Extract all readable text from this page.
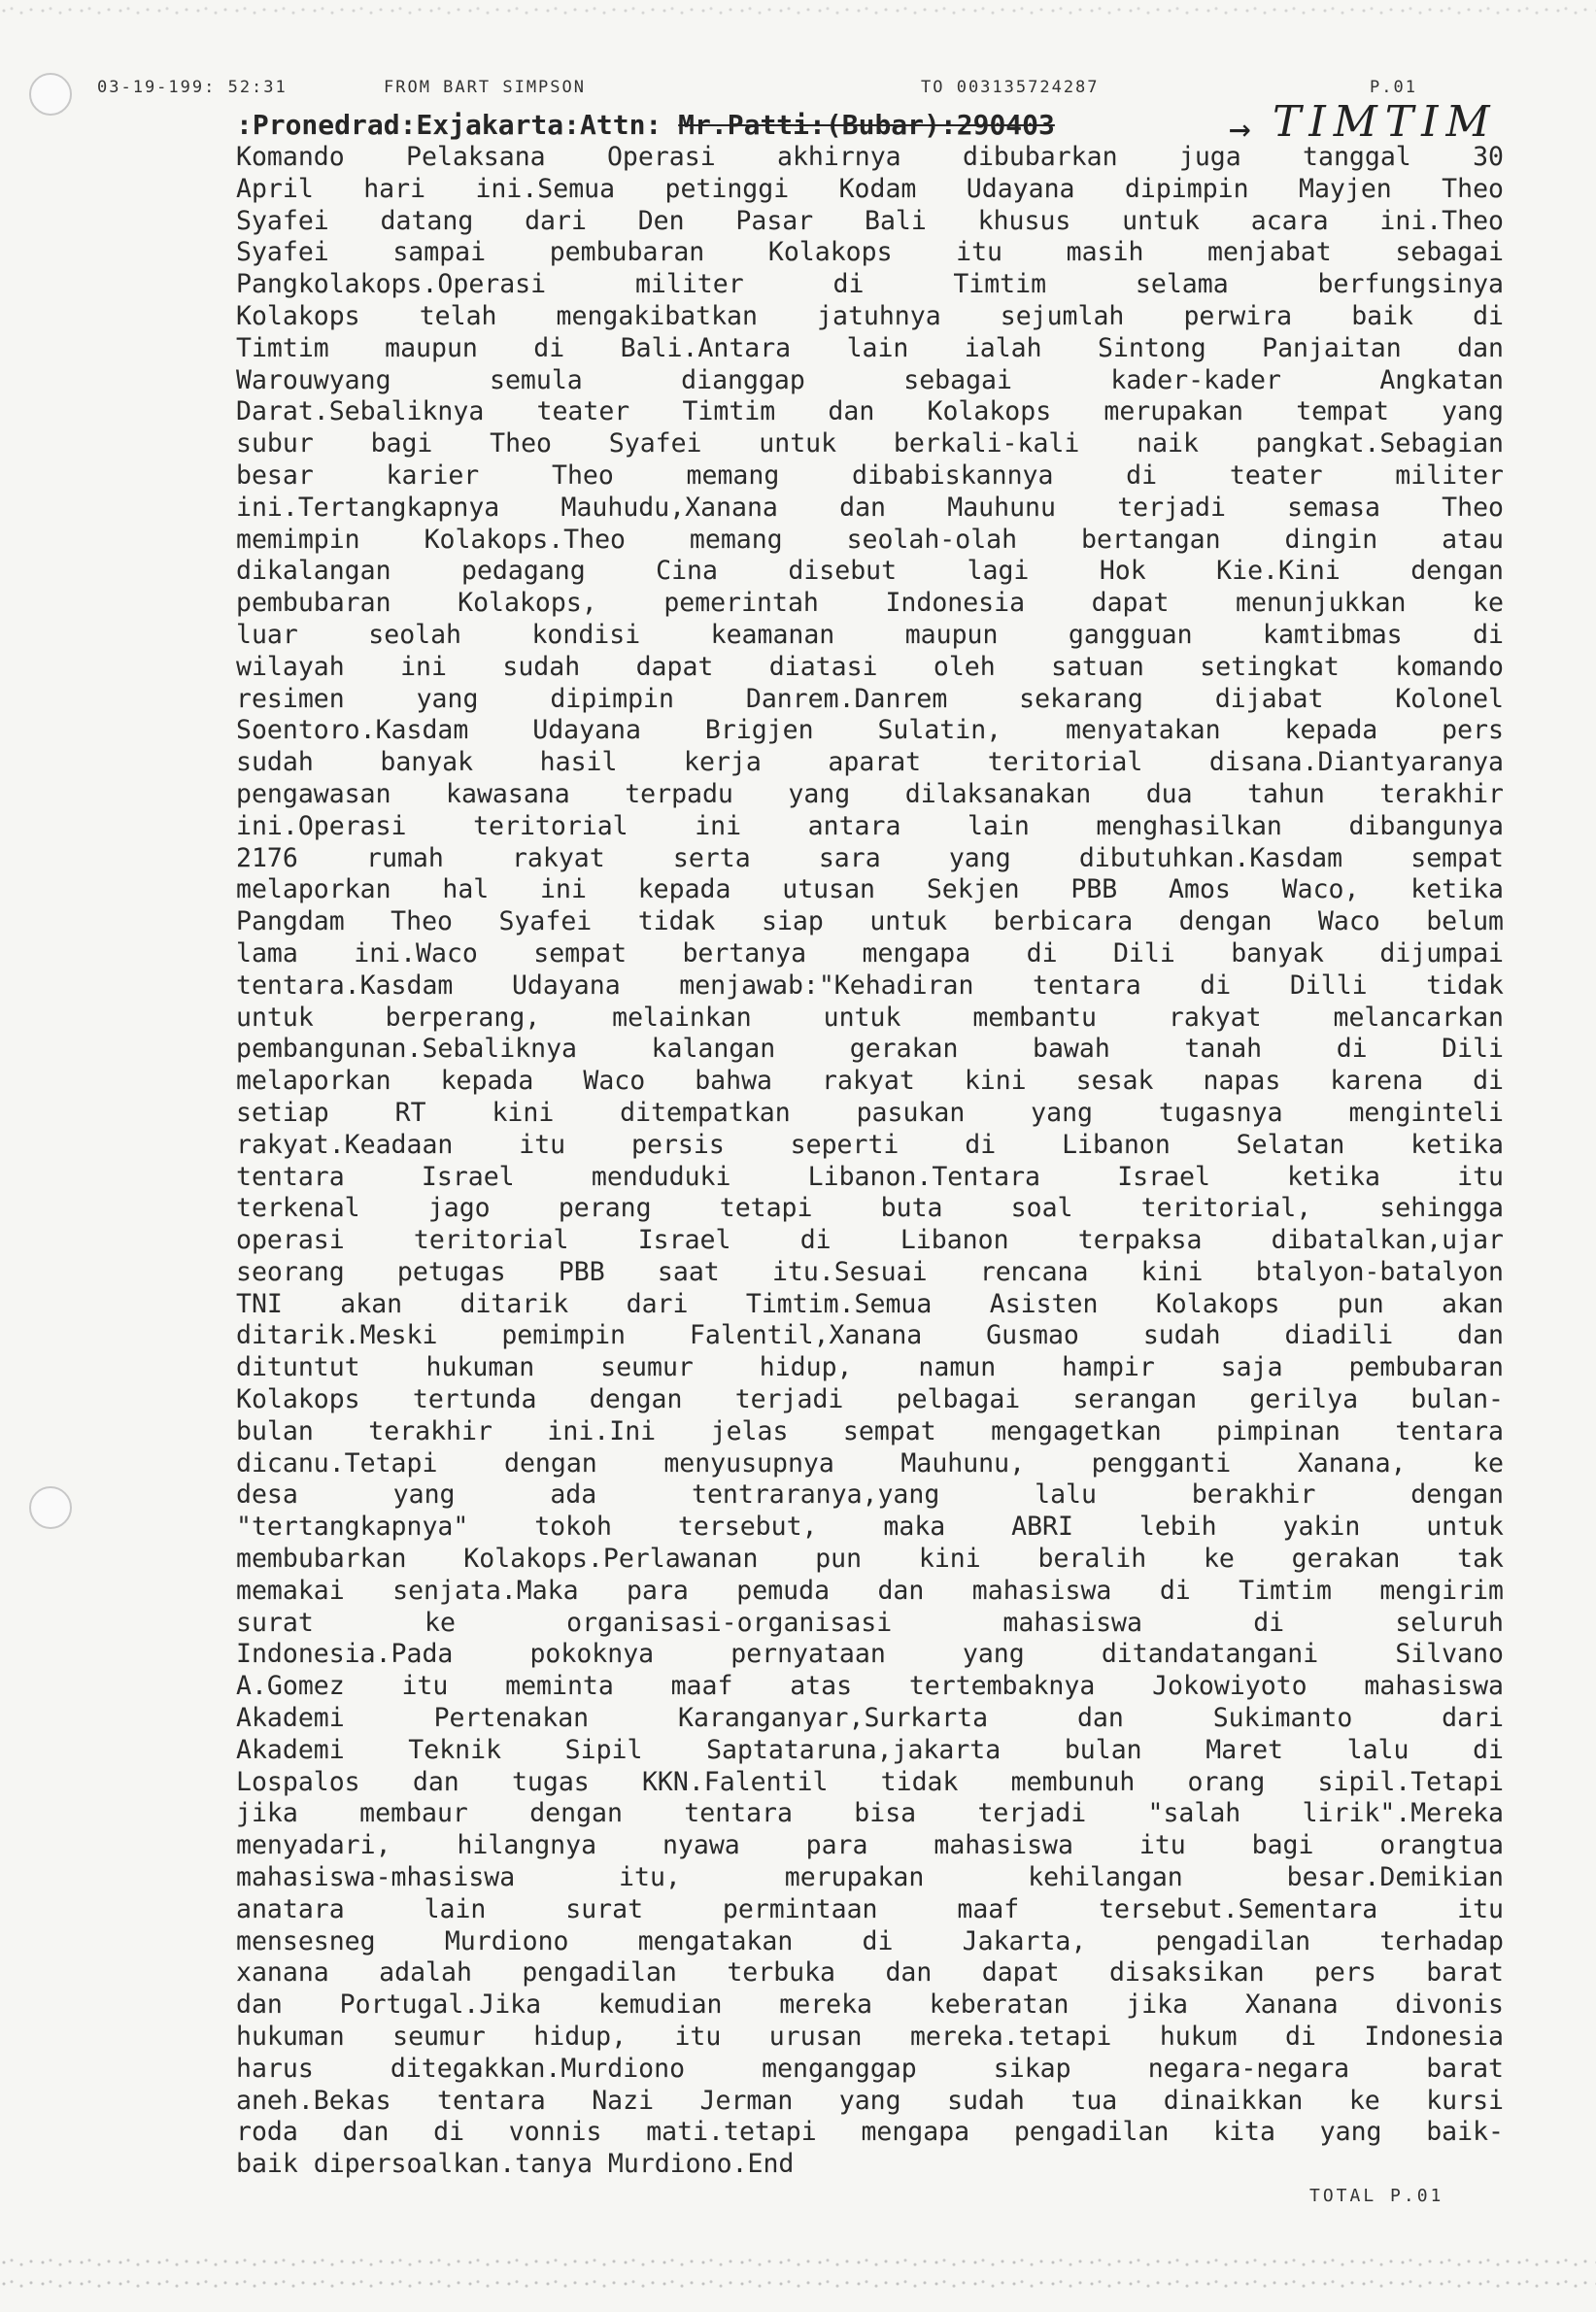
03-19-199: 52:31	FROM BART SIMPSON	TO 003135724287	P.01
:Pronedrad:Exjakarta:Attn: Mr.Patti:(Bubar):290403	→ TIMTIM
Komando Pelaksana Operasi akhirnya dibubarkan juga tanggal 30
April hari ini.Semua petinggi Kodam Udayana dipimpin Mayjen Theo
Syafei datang dari Den Pasar Bali khusus untuk acara ini.Theo
Syafei sampai pembubaran Kolakops itu masih menjabat sebagai
Pangkolakops.Operasi militer di Timtim selama berfungsinya
Kolakops telah mengakibatkan jatuhnya sejumlah perwira baik di
Timtim maupun di Bali.Antara lain ialah Sintong Panjaitan dan
Warouwyang semula dianggap sebagai kader-kader Angkatan
Darat.Sebaliknya teater Timtim dan Kolakops merupakan tempat yang
subur bagi Theo Syafei untuk berkali-kali naik pangkat.Sebagian
besar karier Theo memang dibabiskannya di teater militer
ini.Tertangkapnya Mauhudu,Xanana dan Mauhunu terjadi semasa Theo
memimpin Kolakops.Theo memang seolah-olah bertangan dingin atau
dikalangan pedagang Cina disebut lagi Hok Kie.Kini dengan
pembubaran Kolakops, pemerintah Indonesia dapat menunjukkan ke
luar seolah kondisi keamanan maupun gangguan kamtibmas di
wilayah ini sudah dapat diatasi oleh satuan setingkat komando
resimen yang dipimpin Danrem.Danrem sekarang dijabat Kolonel
Soentoro.Kasdam Udayana Brigjen Sulatin, menyatakan kepada pers
sudah banyak hasil kerja aparat teritorial disana.Diantyaranya
pengawasan kawasana terpadu yang dilaksanakan dua tahun terakhir
ini.Operasi teritorial ini antara lain menghasilkan dibangunya
2176 rumah rakyat serta sara yang dibutuhkan.Kasdam sempat
melaporkan hal ini kepada utusan Sekjen PBB Amos Waco, ketika
Pangdam Theo Syafei tidak siap untuk berbicara dengan Waco belum
lama ini.Waco sempat bertanya mengapa di Dili banyak dijumpai
tentara.Kasdam Udayana menjawab:"Kehadiran tentara di Dilli tidak
untuk berperang, melainkan untuk membantu rakyat melancarkan
pembangunan.Sebaliknya kalangan gerakan bawah tanah di Dili
melaporkan kepada Waco bahwa rakyat kini sesak napas karena di
setiap RT kini ditempatkan pasukan yang tugasnya menginteli
rakyat.Keadaan itu persis seperti di Libanon Selatan ketika
tentara Israel menduduki Libanon.Tentara Israel ketika itu
terkenal jago perang tetapi buta soal teritorial, sehingga
operasi teritorial Israel di Libanon terpaksa dibatalkan,ujar
seorang petugas PBB saat itu.Sesuai rencana kini btalyon-batalyon
TNI akan ditarik dari Timtim.Semua Asisten Kolakops pun akan
ditarik.Meski pemimpin Falentil,Xanana Gusmao sudah diadili dan
dituntut hukuman seumur hidup, namun hampir saja pembubaran
Kolakops tertunda dengan terjadi pelbagai serangan gerilya bulan-
bulan terakhir ini.Ini jelas sempat mengagetkan pimpinan tentara
dicanu.Tetapi dengan menyusupnya Mauhunu, pengganti Xanana, ke
desa yang ada tentraranya,yang lalu berakhir dengan
"tertangkapnya" tokoh tersebut, maka ABRI lebih yakin untuk
membubarkan Kolakops.Perlawanan pun kini beralih ke gerakan tak
memakai senjata.Maka para pemuda dan mahasiswa di Timtim mengirim
surat ke organisasi-organisasi mahasiswa di seluruh
Indonesia.Pada pokoknya pernyataan yang ditandatangani Silvano
A.Gomez itu meminta maaf atas tertembaknya Jokowiyoto mahasiswa
Akademi Pertenakan Karanganyar,Surkarta dan Sukimanto dari
Akademi Teknik Sipil Saptataruna,jakarta bulan Maret lalu di
Lospalos dan tugas KKN.Falentil tidak membunuh orang sipil.Tetapi
jika membaur dengan tentara bisa terjadi "salah lirik".Mereka
menyadari, hilangnya nyawa para mahasiswa itu bagi orangtua
mahasiswa-mhasiswa itu, merupakan kehilangan besar.Demikian
anatara lain surat permintaan maaf tersebut.Sementara itu
mensesneg Murdiono mengatakan di Jakarta, pengadilan terhadap
xanana adalah pengadilan terbuka dan dapat disaksikan pers barat
dan Portugal.Jika kemudian mereka keberatan jika Xanana divonis
hukuman seumur hidup, itu urusan mereka.tetapi hukum di Indonesia
harus ditegakkan.Murdiono menganggap sikap negara-negara barat
aneh.Bekas tentara Nazi Jerman yang sudah tua dinaikkan ke kursi
roda dan di vonnis mati.tetapi mengapa pengadilan kita yang baik-
baik dipersoalkan.tanya Murdiono.End
TOTAL P.01
